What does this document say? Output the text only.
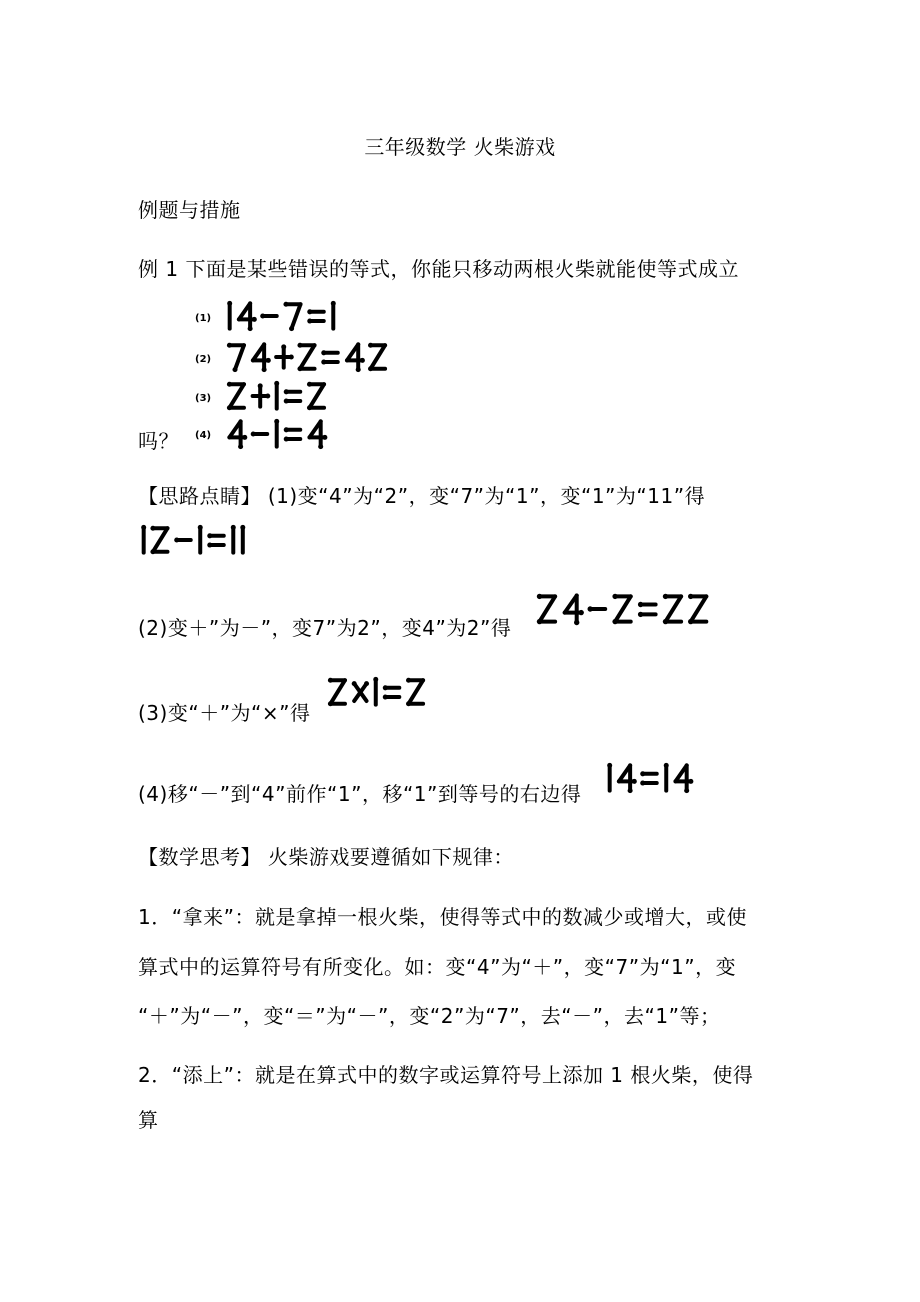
三年级数学 火柴游戏
例题与措施
例 1 下面是某些错误的等式，你能只移动两根火柴就能使等式成立
(1)
(2)
(3)
(4)
吗？
【思路点睛】 (1)变“4”为“2”，变“7”为“1”，变“1”为“11”得
(2)变＋”为－”，变7”为2”，变4”为2”得
(3)变“＋”为“×”得
(4)移“－”到“4”前作“1”，移“1”到等号的右边得
【数学思考】 火柴游戏要遵循如下规律：
1．“拿来”：就是拿掉一根火柴，使得等式中的数减少或增大，或使
算式中的运算符号有所变化。如：变“4”为“＋”，变“7”为“1”，变
“＋”为“－”，变“＝”为“－”，变“2”为“7”，去“－”，去“1”等；
2．“添上”：就是在算式中的数字或运算符号上添加 1 根火柴，使得
算
